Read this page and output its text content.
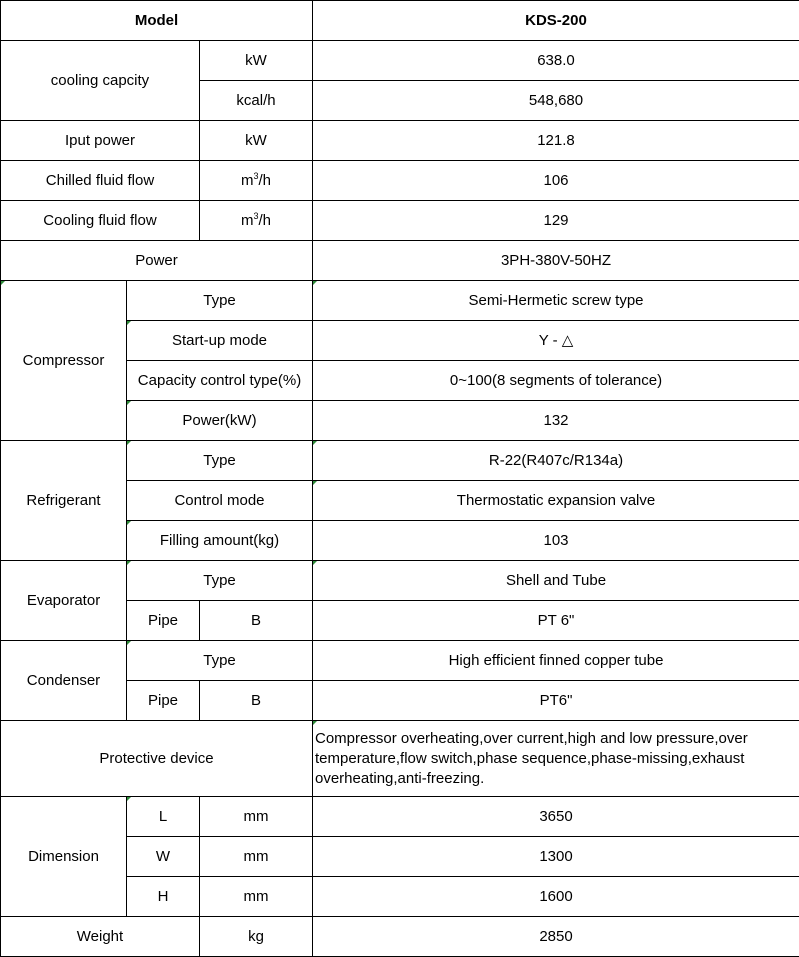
Model			KDS-200
cooling capcity		kW	638.0
		kcal/h	548,680
Iput power		kW	121.8
Chilled fluid flow		$m^3/h$	106
Cooling fluid flow		$m^3/h$	129
Power			3PH-380V-50HZ
Compressor	Type		Semi-Hermetic screw type
	Start-up mode		Y - △
	Capacity control type(%)		0~100(8 segments of tolerance)
	Power(kW)		132
Refrigerant	Type		R-22(R407c/R134a)
	Control mode		Thermostatic expansion valve
	Filling amount(kg)		103
Evaporator	Type		Shell and Tube
	Pipe	B	PT 6"
Condenser	Type		High efficient finned copper tube
	Pipe	B	PT6"
Protective device			Compressor overheating,over current,high and low pressure,over temperature,flow switch,phase sequence,phase-missing,exhaust overheating,anti-freezing.
Dimension	L	mm	3650
	W	mm	1300
	H	mm	1600
Weight		kg	2850
